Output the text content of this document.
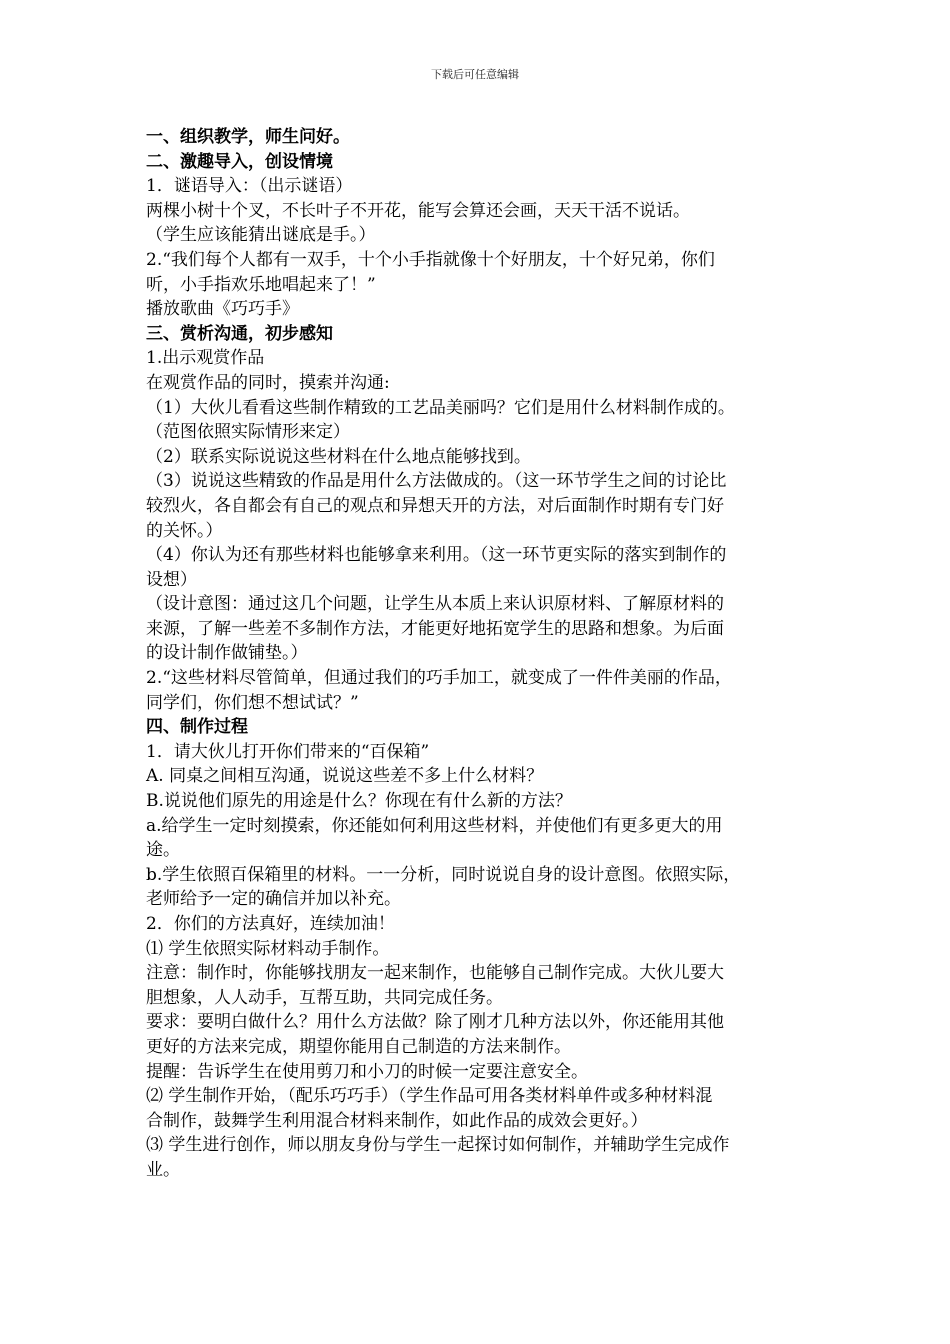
下载后可任意编辑

一、组织教学，师生问好。

二、激趣导入，创设情境

1．谜语导入：（出示谜语）

两棵小树十个叉，不长叶子不开花，能写会算还会画，天天干活不说话。

（学生应该能猜出谜底是手。）

2.“我们每个人都有一双手，十个小手指就像十个好朋友，十个好兄弟，你们

听，小手指欢乐地唱起来了！”

播放歌曲《巧巧手》

三、赏析沟通，初步感知

1.出示观赏作品

在观赏作品的同时，摸索并沟通:

（1）大伙儿看看这些制作精致的工艺品美丽吗？它们是用什么材料制作成的。

（范图依照实际情形来定）

（2）联系实际说说这些材料在什么地点能够找到。

（3）说说这些精致的作品是用什么方法做成的。（这一环节学生之间的讨论比

较烈火，各自都会有自己的观点和异想天开的方法，对后面制作时期有专门好

的关怀。）

（4）你认为还有那些材料也能够拿来利用。（这一环节更实际的落实到制作的

设想）

（设计意图：通过这几个问题，让学生从本质上来认识原材料、了解原材料的

来源，了解一些差不多制作方法，才能更好地拓宽学生的思路和想象。为后面

的设计制作做铺垫。）

2.“这些材料尽管简单，但通过我们的巧手加工，就变成了一件件美丽的作品，

同学们，你们想不想试试？”

四、制作过程

1．请大伙儿打开你们带来的“百保箱”

A. 同桌之间相互沟通，说说这些差不多上什么材料？

B.说说他们原先的用途是什么？你现在有什么新的方法？

a.给学生一定时刻摸索，你还能如何利用这些材料，并使他们有更多更大的用

途。

b.学生依照百保箱里的材料。一一分析，同时说说自身的设计意图。依照实际，

老师给予一定的确信并加以补充。

2．你们的方法真好，连续加油！

⑴ 学生依照实际材料动手制作。

注意：制作时，你能够找朋友一起来制作，也能够自己制作完成。大伙儿要大

胆想象，人人动手，互帮互助，共同完成任务。

要求：要明白做什么？用什么方法做？除了刚才几种方法以外，你还能用其他

更好的方法来完成，期望你能用自己制造的方法来制作。

提醒：告诉学生在使用剪刀和小刀的时候一定要注意安全。

⑵ 学生制作开始，（配乐巧巧手）（学生作品可用各类材料单件或多种材料混

合制作，鼓舞学生利用混合材料来制作，如此作品的成效会更好。）

⑶ 学生进行创作，师以朋友身份与学生一起探讨如何制作，并辅助学生完成作

业。
